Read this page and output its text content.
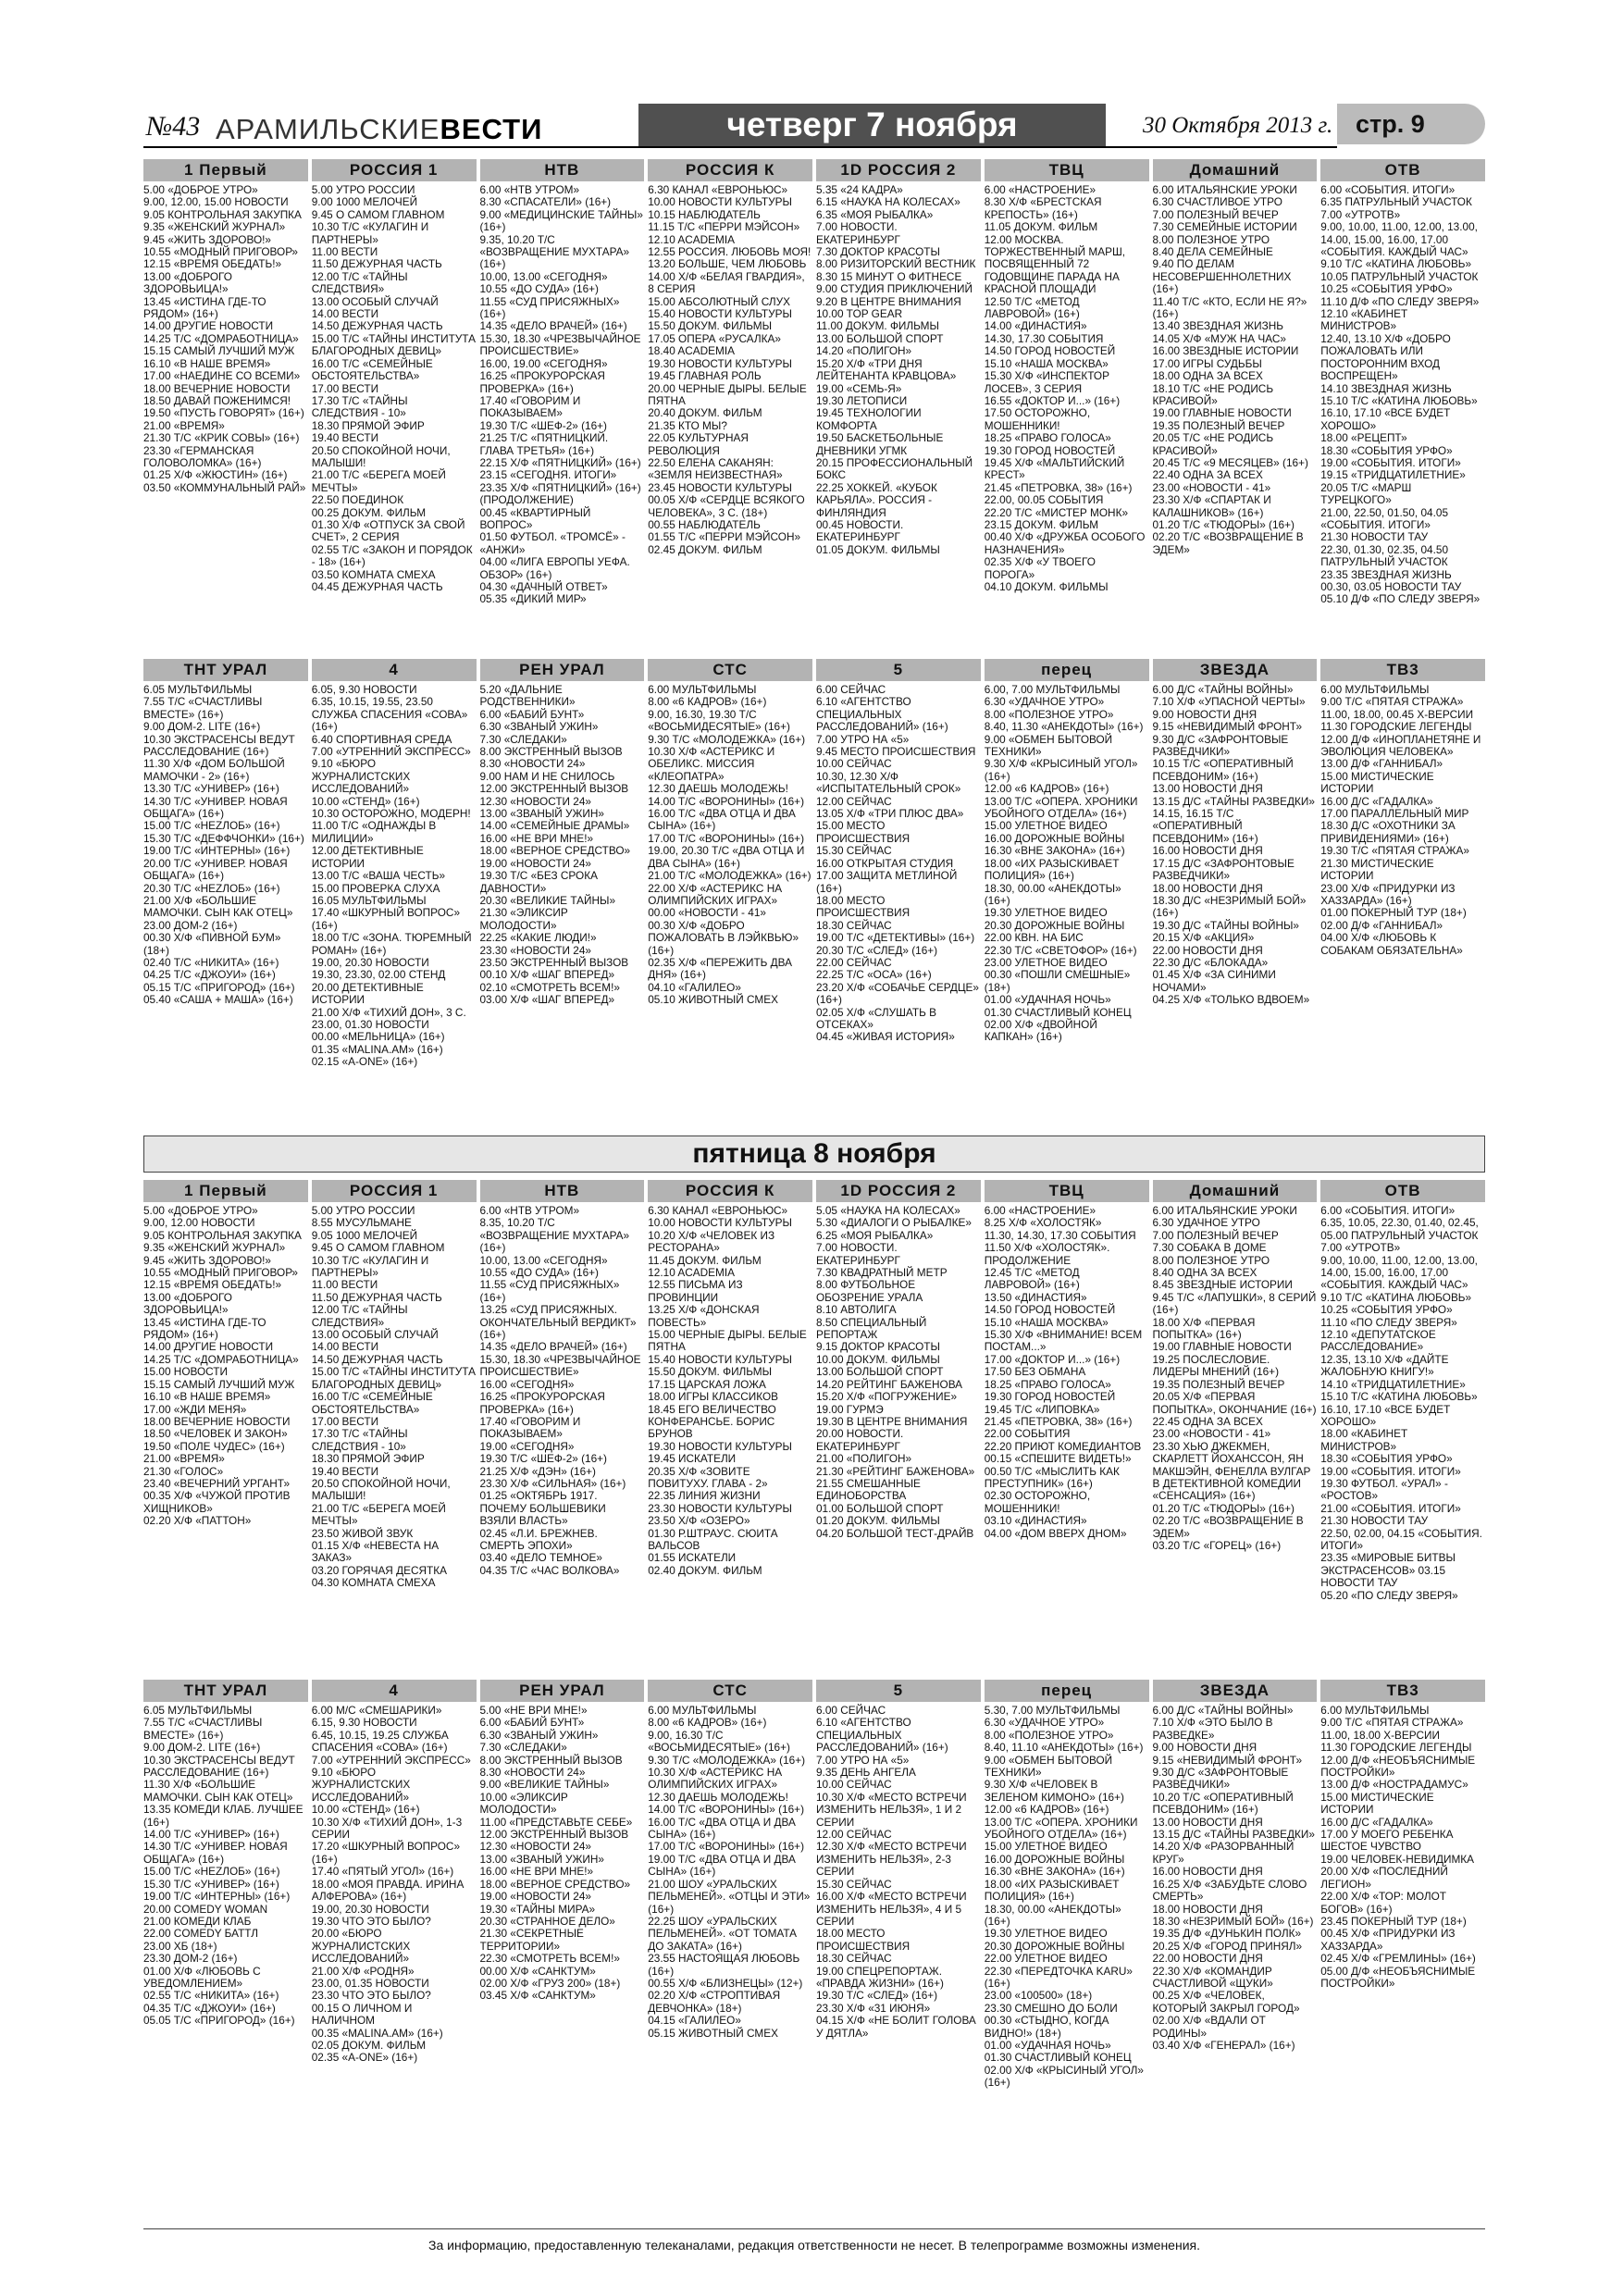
№43 АРАМИЛЬСКИЕВЕСТИ	четверг 7 ноября	30 Октября 2013 г. стр. 9
1 Первый

5.00 «ДОБРОЕ УТРО»

9.00, 12.00, 15.00 НОВОСТИ

9.05 КОНТРОЛЬНАЯ ЗАКУПКА

9.35 «ЖЕНСКИЙ ЖУРНАЛ»

9.45 «ЖИТЬ ЗДОРОВО!»

10.55 «МОДНЫЙ ПРИГОВОР»

12.15 «ВРЕМЯ ОБЕДАТЬ!»

13.00 «ДОБРОГО ЗДОРОВЬИЦА!»

13.45 «ИСТИНА ГДЕ-ТО РЯДОМ» (16+)

14.00 ДРУГИЕ НОВОСТИ

14.25 Т/С «ДОМРАБОТНИЦА»

15.15 САМЫЙ ЛУЧШИЙ МУЖ

16.10 «В НАШЕ ВРЕМЯ»

17.00 «НАЕДИНЕ СО ВСЕМИ»

18.00 ВЕЧЕРНИЕ НОВОСТИ

18.50 ДАВАЙ ПОЖЕНИМСЯ!

19.50 «ПУСТЬ ГОВОРЯТ» (16+)

21.00 «ВРЕМЯ»

21.30 Т/С «КРИК СОВЫ» (16+)

23.30 «ГЕРМАНСКАЯ ГОЛОВОЛОМКА» (16+)

01.25 Х/Ф «ЖЮСТИН» (16+)

03.50 «КОММУНАЛЬНЫЙ РАЙ»

РОССИЯ 1

5.00 УТРО РОССИИ

9.00 1000 МЕЛОЧЕЙ

9.45 О САМОМ ГЛАВНОМ

10.30 Т/С «КУЛАГИН И ПАРТНЕРЫ»

11.00 ВЕСТИ

11.50 ДЕЖУРНАЯ ЧАСТЬ

12.00 Т/С «ТАЙНЫ СЛЕДСТВИЯ»

13.00 ОСОБЫЙ СЛУЧАЙ

14.00 ВЕСТИ

14.50 ДЕЖУРНАЯ ЧАСТЬ

15.00 Т/С «ТАЙНЫ ИНСТИТУТА БЛАГОРОДНЫХ ДЕВИЦ»

16.00 Т/С «СЕМЕЙНЫЕ ОБСТОЯТЕЛЬСТВА»

17.00 ВЕСТИ

17.30 Т/С «ТАЙНЫ СЛЕДСТВИЯ - 10»

18.30 ПРЯМОЙ ЭФИР

19.40 ВЕСТИ

20.50 СПОКОЙНОЙ НОЧИ, МАЛЫШИ!

21.00 Т/С «БЕРЕГА МОЕЙ МЕЧТЫ»

22.50 ПОЕДИНОК

00.25 ДОКУМ. ФИЛЬМ

01.30 Х/Ф «ОТПУСК ЗА СВОЙ СЧЕТ», 2 СЕРИЯ

02.55 Т/С «ЗАКОН И ПОРЯДОК - 18» (16+)

03.50 КОМНАТА СМЕХА

04.45 ДЕЖУРНАЯ ЧАСТЬ

НТВ

6.00 «НТВ УТРОМ»

8.30 «СПАСАТЕЛИ» (16+)

9.00 «МЕДИЦИНСКИЕ ТАЙНЫ» (16+)

9.35, 10.20 Т/С «ВОЗВРАЩЕНИЕ МУХТАРА» (16+)

10.00, 13.00 «СЕГОДНЯ»

10.55 «ДО СУДА» (16+)

11.55 «СУД ПРИСЯЖНЫХ» (16+)

14.35 «ДЕЛО ВРАЧЕЙ» (16+)

15.30, 18.30 «ЧРЕЗВЫЧАЙНОЕ ПРОИСШЕСТВИЕ»

16.00, 19.00 «СЕГОДНЯ»

16.25 «ПРОКУРОРСКАЯ ПРОВЕРКА» (16+)

17.40 «ГОВОРИМ И ПОКАЗЫВАЕМ»

19.30 Т/С «ШЕФ-2» (16+)

21.25 Т/С «ПЯТНИЦКИЙ. ГЛАВА ТРЕТЬЯ» (16+)

22.15 Х/Ф «ПЯТНИЦКИЙ» (16+)

23.15 «СЕГОДНЯ. ИТОГИ»

23.35 Х/Ф «ПЯТНИЦКИЙ» (16+) (ПРОДОЛЖЕНИЕ)

00.45 «КВАРТИРНЫЙ ВОПРОС»

01.50 ФУТБОЛ. «ТРОМСЁ» - «АНЖИ»

04.00 «ЛИГА ЕВРОПЫ УЕФА. ОБЗОР» (16+)

04.30 «ДАЧНЫЙ ОТВЕТ»

05.35 «ДИКИЙ МИР»

РОССИЯ К

6.30 КАНАЛ «ЕВРОНЬЮС»

10.00 НОВОСТИ КУЛЬТУРЫ

10.15 НАБЛЮДАТЕЛЬ

11.15 Т/С «ПЕРРИ МЭЙСОН»

12.10 ACADEMIA

12.55 РОССИЯ. ЛЮБОВЬ МОЯ!

13.20 БОЛЬШЕ, ЧЕМ ЛЮБОВЬ

14.00 Х/Ф «БЕЛАЯ ГВАРДИЯ», 8 СЕРИЯ

15.00 АБСОЛЮТНЫЙ СЛУХ

15.40 НОВОСТИ КУЛЬТУРЫ

15.50 ДОКУМ. ФИЛЬМЫ

17.05 ОПЕРА «РУСАЛКА»

18.40 ACADEMIA

19.30 НОВОСТИ КУЛЬТУРЫ

19.45 ГЛАВНАЯ РОЛЬ

20.00 ЧЕРНЫЕ ДЫРЫ. БЕЛЫЕ ПЯТНА

20.40 ДОКУМ. ФИЛЬМ

21.35 КТО МЫ?

22.05 КУЛЬТУРНАЯ РЕВОЛЮЦИЯ

22.50 ЕЛЕНА САКАНЯН: «ЗЕМЛЯ НЕИЗВЕСТНАЯ»

23.45 НОВОСТИ КУЛЬТУРЫ

00.05 Х/Ф «СЕРДЦЕ ВСЯКОГО ЧЕЛОВЕКА», 3 С. (18+)

00.55 НАБЛЮДАТЕЛЬ

01.55 Т/С «ПЕРРИ МЭЙСОН»

02.45 ДОКУМ. ФИЛЬМ

1D РОССИЯ 2

5.35 «24 КАДРА»

6.15 «НАУКА НА КОЛЕСАХ»

6.35 «МОЯ РЫБАЛКА»

7.00 НОВОСТИ. ЕКАТЕРИНБУРГ

7.30 ДОКТОР КРАСОТЫ

8.00 РИЗИТОРСКИЙ ВЕСТНИК

8.30 15 МИНУТ О ФИТНЕСЕ

9.00 СТУДИЯ ПРИКЛЮЧЕНИЙ

9.20 В ЦЕНТРЕ ВНИМАНИЯ

10.00 TOP GEAR

11.00 ДОКУМ. ФИЛЬМЫ

13.00 БОЛЬШОЙ СПОРТ

14.20 «ПОЛИГОН»

15.20 Х/Ф «ТРИ ДНЯ ЛЕЙТЕНАНТА КРАВЦОВА»

19.00 «СЕМЬ-Я»

19.30 ЛЕТОПИСИ

19.45 ТЕХНОЛОГИИ КОМФОРТА

19.50 БАСКЕТБОЛЬНЫЕ ДНЕВНИКИ УГМК

20.15 ПРОФЕССИОНАЛЬНЫЙ БОКС

22.25 ХОККЕЙ. «КУБОК КАРЬЯЛА». РОССИЯ - ФИНЛЯНДИЯ

00.45 НОВОСТИ. ЕКАТЕРИНБУРГ

01.05 ДОКУМ. ФИЛЬМЫ

ТВЦ

6.00 «НАСТРОЕНИЕ»

8.30 Х/Ф «БРЕСТСКАЯ КРЕПОСТЬ» (16+)

11.05 ДОКУМ. ФИЛЬМ

12.00 МОСКВА. ТОРЖЕСТВЕННЫЙ МАРШ, ПОСВЯЩЕННЫЙ 72 ГОДОВЩИНЕ ПАРАДА НА КРАСНОЙ ПЛОЩАДИ

12.50 Т/С «МЕТОД ЛАВРОВОЙ» (16+)

14.00 «ДИНАСТИЯ»

14.30, 17.30 СОБЫТИЯ

14.50 ГОРОД НОВОСТЕЙ

15.10 «НАША МОСКВА»

15.30 Х/Ф «ИНСПЕКТОР ЛОСЕВ», 3 СЕРИЯ

16.55 «ДОКТОР И...» (16+)

17.50 ОСТОРОЖНО, МОШЕННИКИ!

18.25 «ПРАВО ГОЛОСА»

19.30 ГОРОД НОВОСТЕЙ

19.45 Х/Ф «МАЛЬТИЙСКИЙ КРЕСТ»

21.45 «ПЕТРОВКА, 38» (16+)

22.00, 00.05 СОБЫТИЯ

22.20 Т/С «МИСТЕР МОНК»

23.15 ДОКУМ. ФИЛЬМ

00.40 Х/Ф «ДРУЖБА ОСОБОГО НАЗНАЧЕНИЯ»

02.35 Х/Ф «У ТВОЕГО ПОРОГА»

04.10 ДОКУМ. ФИЛЬМЫ

Домашний

6.00 ИТАЛЬЯНСКИЕ УРОКИ

6.30 СЧАСТЛИВОЕ УТРО

7.00 ПОЛЕЗНЫЙ ВЕЧЕР

7.30 СЕМЕЙНЫЕ ИСТОРИИ

8.00 ПОЛЕЗНОЕ УТРО

8.40 ДЕЛА СЕМЕЙНЫЕ

9.40 ПО ДЕЛАМ НЕСОВЕРШЕННОЛЕТНИХ (16+)

11.40 Т/С «КТО, ЕСЛИ НЕ Я?» (16+)

13.40 ЗВЕЗДНАЯ ЖИЗНЬ

14.05 Х/Ф «МУЖ НА ЧАС»

16.00 ЗВЕЗДНЫЕ ИСТОРИИ

17.00 ИГРЫ СУДЬБЫ

18.00 ОДНА ЗА ВСЕХ

18.10 Т/С «НЕ РОДИСЬ КРАСИВОЙ»

19.00 ГЛАВНЫЕ НОВОСТИ

19.35 ПОЛЕЗНЫЙ ВЕЧЕР

20.05 Т/С «НЕ РОДИСЬ КРАСИВОЙ»

20.45 Т/С «9 МЕСЯЦЕВ» (16+)

22.40 ОДНА ЗА ВСЕХ

23.00 «НОВОСТИ - 41»

23.30 Х/Ф «СПАРТАК И КАЛАШНИКОВ» (16+)

01.20 Т/С «ТЮДОРЫ» (16+)

02.20 Т/С «ВОЗВРАЩЕНИЕ В ЭДЕМ»

ОТВ

6.00 «СОБЫТИЯ. ИТОГИ»

6.35 ПАТРУЛЬНЫЙ УЧАСТОК

7.00 «УТРОТВ»

9.00, 10.00, 11.00, 12.00, 13.00, 14.00, 15.00, 16.00, 17.00 «СОБЫТИЯ. КАЖДЫЙ ЧАС»

9.10 Т/С «КАТИНА ЛЮБОВЬ»

10.05 ПАТРУЛЬНЫЙ УЧАСТОК

10.25 «СОБЫТИЯ УРФО»

11.10 Д/Ф «ПО СЛЕДУ ЗВЕРЯ»

12.10 «КАБИНЕТ МИНИСТРОВ»

12.40, 13.10 Х/Ф «ДОБРО ПОЖАЛОВАТЬ ИЛИ ПОСТОРОННИМ ВХОД ВОСПРЕЩЕН»

14.10 ЗВЕЗДНАЯ ЖИЗНЬ

15.10 Т/С «КАТИНА ЛЮБОВЬ»

16.10, 17.10 «ВСЕ БУДЕТ ХОРОШО»

18.00 «РЕЦЕПТ»

18.30 «СОБЫТИЯ УРФО»

19.00 «СОБЫТИЯ. ИТОГИ»

19.15 «ТРИДЦАТИЛЕТНИЕ»

20.05 Т/С «МАРШ ТУРЕЦКОГО»

21.00, 22.50, 01.50, 04.05 «СОБЫТИЯ. ИТОГИ»

21.30 НОВОСТИ ТАУ

22.30, 01.30, 02.35, 04.50 ПАТРУЛЬНЫЙ УЧАСТОК

23.35 ЗВЕЗДНАЯ ЖИЗНЬ

00.30, 03.05 НОВОСТИ ТАУ

05.10 Д/Ф «ПО СЛЕДУ ЗВЕРЯ»

ТНТ УРАЛ

6.05 МУЛЬТФИЛЬМЫ

7.55 Т/С «СЧАСТЛИВЫ ВМЕСТЕ» (16+)

9.00 ДОМ-2. LITE (16+)

10.30 ЭКСТРАСЕНСЫ ВЕДУТ РАССЛЕДОВАНИЕ (16+)

11.30 Х/Ф «ДОМ БОЛЬШОЙ МАМОЧКИ - 2» (16+)

13.30 Т/С «УНИВЕР» (16+)

14.30 Т/С «УНИВЕР. НОВАЯ ОБЩАГА» (16+)

15.00 Т/С «НЕZЛОБ» (16+)

15.30 Т/С «ДЕФФЧОНКИ» (16+)

19.00 Т/С «ИНТЕРНЫ» (16+)

20.00 Т/С «УНИВЕР. НОВАЯ ОБЩАГА» (16+)

20.30 Т/С «НЕZЛОБ» (16+)

21.00 Х/Ф «БОЛЬШИЕ МАМОЧКИ. СЫН КАК ОТЕЦ»

23.00 ДОМ-2 (16+)

00.30 Х/Ф «ПИВНОЙ БУМ» (18+)

02.40 Т/С «НИКИТА» (16+)

04.25 Т/С «ДЖОУИ» (16+)

05.15 Т/С «ПРИГОРОД» (16+)

05.40 «САША + МАША» (16+)

4

6.05, 9.30 НОВОСТИ

6.35, 10.15, 19.55, 23.50 СЛУЖБА СПАСЕНИЯ «СОВА» (16+)

6.40 СПОРТИВНАЯ СРЕДА

7.00 «УТРЕННИЙ ЭКСПРЕСС»

9.10 «БЮРО ЖУРНАЛИСТСКИХ ИССЛЕДОВАНИЙ»

10.00 «СТЕНД» (16+)

10.30 ОСТОРОЖНО, МОДЕРН!

11.00 Т/С «ОДНАЖДЫ В МИЛИЦИИ»

12.00 ДЕТЕКТИВНЫЕ ИСТОРИИ

13.00 Т/С «ВАША ЧЕСТЬ»

15.00 ПРОВЕРКА СЛУХА

16.05 МУЛЬТФИЛЬМЫ

17.40 «ШКУРНЫЙ ВОПРОС» (16+)

18.00 Т/С «ЗОНА. ТЮРЕМНЫЙ РОМАН» (16+)

19.00, 20.30 НОВОСТИ

19.30, 23.30, 02.00 СТЕНД

20.00 ДЕТЕКТИВНЫЕ ИСТОРИИ

21.00 Х/Ф «ТИХИЙ ДОН», 3 С.

23.00, 01.30 НОВОСТИ

00.00 «МЕЛЬНИЦА» (16+)

01.35 «MALINA.AM» (16+)

02.15 «A-ONE» (16+)

РЕН УРАЛ

5.20 «ДАЛЬНИЕ РОДСТВЕННИКИ»

6.00 «БАБИЙ БУНТ»

6.30 «ЗВАНЫЙ УЖИН»

7.30 «СЛЕДАКИ»

8.00 ЭКСТРЕННЫЙ ВЫЗОВ

8.30 «НОВОСТИ 24»

9.00 НАМ И НЕ СНИЛОСЬ

12.00 ЭКСТРЕННЫЙ ВЫЗОВ

12.30 «НОВОСТИ 24»

13.00 «ЗВАНЫЙ УЖИН»

14.00 «СЕМЕЙНЫЕ ДРАМЫ»

16.00 «НЕ ВРИ МНЕ!»

18.00 «ВЕРНОЕ СРЕДСТВО»

19.00 «НОВОСТИ 24»

19.30 Т/С «БЕЗ СРОКА ДАВНОСТИ»

20.30 «ВЕЛИКИЕ ТАЙНЫ»

21.30 «ЭЛИКСИР МОЛОДОСТИ»

22.25 «КАКИЕ ЛЮДИ!»

23.30 «НОВОСТИ 24»

23.50 ЭКСТРЕННЫЙ ВЫЗОВ

00.10 Х/Ф «ШАГ ВПЕРЕД»

02.10 «СМОТРЕТЬ ВСЕМ!»

03.00 Х/Ф «ШАГ ВПЕРЕД»

СТС

6.00 МУЛЬТФИЛЬМЫ

8.00 «6 КАДРОВ» (16+)

9.00, 16.30, 19.30 Т/С «ВОСЬМИДЕСЯТЫЕ» (16+)

9.30 Т/С «МОЛОДЕЖКА» (16+)

10.30 Х/Ф «АСТЕРИКС И ОБЕЛИКС. МИССИЯ «КЛЕОПАТРА»

12.30 ДАЕШЬ МОЛОДЕЖЬ!

14.00 Т/С «ВОРОНИНЫ» (16+)

16.00 Т/С «ДВА ОТЦА И ДВА СЫНА» (16+)

17.00 Т/С «ВОРОНИНЫ» (16+)

19.00, 20.30 Т/С «ДВА ОТЦА И ДВА СЫНА» (16+)

21.00 Т/С «МОЛОДЕЖКА» (16+)

22.00 Х/Ф «АСТЕРИКС НА ОЛИМПИЙСКИХ ИГРАХ»

00.00 «НОВОСТИ - 41»

00.30 Х/Ф «ДОБРО ПОЖАЛОВАТЬ В ЛЭЙКВЬЮ» (16+)

02.35 Х/Ф «ПЕРЕЖИТЬ ДВА ДНЯ» (16+)

04.10 «ГАЛИЛЕО»

05.10 ЖИВОТНЫЙ СМЕХ

5

6.00 СЕЙЧАС

6.10 «АГЕНТСТВО СПЕЦИАЛЬНЫХ РАССЛЕДОВАНИЙ» (16+)

7.00 УТРО НА «5»

9.45 МЕСТО ПРОИСШЕСТВИЯ

10.00 СЕЙЧАС

10.30, 12.30 Х/Ф «ИСПЫТАТЕЛЬНЫЙ СРОК»

12.00 СЕЙЧАС

13.05 Х/Ф «ТРИ ПЛЮС ДВА»

15.00 МЕСТО ПРОИСШЕСТВИЯ

15.30 СЕЙЧАС

16.00 ОТКРЫТАЯ СТУДИЯ

17.00 ЗАЩИТА МЕТЛИНОЙ (16+)

18.00 МЕСТО ПРОИСШЕСТВИЯ

18.30 СЕЙЧАС

19.00 Т/С «ДЕТЕКТИВЫ» (16+)

20.30 Т/С «СЛЕД» (16+)

22.00 СЕЙЧАС

22.25 Т/С «ОСА» (16+)

23.20 Х/Ф «СОБАЧЬЕ СЕРДЦЕ» (16+)

02.05 Х/Ф «СЛУШАТЬ В ОТСЕКАХ»

04.45 «ЖИВАЯ ИСТОРИЯ»

перец

6.00, 7.00 МУЛЬТФИЛЬМЫ

6.30 «УДАЧНОЕ УТРО»

8.00 «ПОЛЕЗНОЕ УТРО»

8.40, 11.30 «АНЕКДОТЫ» (16+)

9.00 «ОБМЕН БЫТОВОЙ ТЕХНИКИ»

9.30 Х/Ф «КРЫСИНЫЙ УГОЛ» (16+)

12.00 «6 КАДРОВ» (16+)

13.00 Т/С «ОПЕРА. ХРОНИКИ УБОЙНОГО ОТДЕЛА» (16+)

15.00 УЛЕТНОЕ ВИДЕО

16.00 ДОРОЖНЫЕ ВОЙНЫ

16.30 «ВНЕ ЗАКОНА» (16+)

18.00 «ИХ РАЗЫСКИВАЕТ ПОЛИЦИЯ» (16+)

18.30, 00.00 «АНЕКДОТЫ» (16+)

19.30 УЛЕТНОЕ ВИДЕО

20.30 ДОРОЖНЫЕ ВОЙНЫ

22.00 КВН. НА БИС

22.30 Т/С «СВЕТОФОР» (16+)

23.00 УЛЕТНОЕ ВИДЕО

00.30 «ПОШЛИ СМЕШНЫЕ» (18+)

01.00 «УДАЧНАЯ НОЧЬ»

01.30 СЧАСТЛИВЫЙ КОНЕЦ

02.00 Х/Ф «ДВОЙНОЙ КАПКАН» (16+)

ЗВЕЗДА

6.00 Д/С «ТАЙНЫ ВОЙНЫ»

7.10 Х/Ф «УПАСНОЙ ЧЕРТЫ»

9.00 НОВОСТИ ДНЯ

9.15 «НЕВИДИМЫЙ ФРОНТ»

9.30 Д/С «ЗАФРОНТОВЫЕ РАЗВЕДЧИКИ»

10.15 Т/С «ОПЕРАТИВНЫЙ ПСЕВДОНИМ» (16+)

13.00 НОВОСТИ ДНЯ

13.15 Д/С «ТАЙНЫ РАЗВЕДКИ»

14.15, 16.15 Т/С «ОПЕРАТИВНЫЙ ПСЕВДОНИМ» (16+)

16.00 НОВОСТИ ДНЯ

17.15 Д/С «ЗАФРОНТОВЫЕ РАЗВЕДЧИКИ»

18.00 НОВОСТИ ДНЯ

18.30 Д/С «НЕЗРИМЫЙ БОЙ» (16+)

19.30 Д/С «ТАЙНЫ ВОЙНЫ»

20.15 Х/Ф «АКЦИЯ»

22.00 НОВОСТИ ДНЯ

22.30 Д/С «БЛОКАДА»

01.45 Х/Ф «ЗА СИНИМИ НОЧАМИ»

04.25 Х/Ф «ТОЛЬКО ВДВОЕМ»

ТВ3

6.00 МУЛЬТФИЛЬМЫ

9.00 Т/С «ПЯТАЯ СТРАЖА»

11.00, 18.00, 00.45 Х-ВЕРСИИ

11.30 ГОРОДСКИЕ ЛЕГЕНДЫ

12.00 Д/Ф «ИНОПЛАНЕТЯНЕ И ЭВОЛЮЦИЯ ЧЕЛОВЕКА»

13.00 Д/Ф «ГАННИБАЛ»

15.00 МИСТИЧЕСКИЕ ИСТОРИИ

16.00 Д/С «ГАДАЛКА»

17.00 ПАРАЛЛЕЛЬНЫЙ МИР

18.30 Д/С «ОХОТНИКИ ЗА ПРИВИДЕНИЯМИ» (16+)

19.30 Т/С «ПЯТАЯ СТРАЖА»

21.30 МИСТИЧЕСКИЕ ИСТОРИИ

23.00 Х/Ф «ПРИДУРКИ ИЗ ХАЗЗАРДА» (16+)

01.00 ПОКЕРНЫЙ ТУР (18+)

02.00 Д/Ф «ГАННИБАЛ»

04.00 Х/Ф «ЛЮБОВЬ К СОБАКАМ ОБЯЗАТЕЛЬНА»

пятница 8 ноября
1 Первый

5.00 «ДОБРОЕ УТРО»

9.00, 12.00 НОВОСТИ

9.05 КОНТРОЛЬНАЯ ЗАКУПКА

9.35 «ЖЕНСКИЙ ЖУРНАЛ»

9.45 «ЖИТЬ ЗДОРОВО!»

10.55 «МОДНЫЙ ПРИГОВОР»

12.15 «ВРЕМЯ ОБЕДАТЬ!»

13.00 «ДОБРОГО ЗДОРОВЬИЦА!»

13.45 «ИСТИНА ГДЕ-ТО РЯДОМ» (16+)

14.00 ДРУГИЕ НОВОСТИ

14.25 Т/С «ДОМРАБОТНИЦА»

15.00 НОВОСТИ

15.15 САМЫЙ ЛУЧШИЙ МУЖ

16.10 «В НАШЕ ВРЕМЯ»

17.00 «ЖДИ МЕНЯ»

18.00 ВЕЧЕРНИЕ НОВОСТИ

18.50 «ЧЕЛОВЕК И ЗАКОН»

19.50 «ПОЛЕ ЧУДЕС» (16+)

21.00 «ВРЕМЯ»

21.30 «ГОЛОС»

23.40 «ВЕЧЕРНИЙ УРГАНТ»

00.35 Х/Ф «ЧУЖОЙ ПРОТИВ ХИЩНИКОВ»

02.20 Х/Ф «ПАТТОН»

РОССИЯ 1

5.00 УТРО РОССИИ

8.55 МУСУЛЬМАНЕ

9.05 1000 МЕЛОЧЕЙ

9.45 О САМОМ ГЛАВНОМ

10.30 Т/С «КУЛАГИН И ПАРТНЕРЫ»

11.00 ВЕСТИ

11.50 ДЕЖУРНАЯ ЧАСТЬ

12.00 Т/С «ТАЙНЫ СЛЕДСТВИЯ»

13.00 ОСОБЫЙ СЛУЧАЙ

14.00 ВЕСТИ

14.50 ДЕЖУРНАЯ ЧАСТЬ

15.00 Т/С «ТАЙНЫ ИНСТИТУТА БЛАГОРОДНЫХ ДЕВИЦ»

16.00 Т/С «СЕМЕЙНЫЕ ОБСТОЯТЕЛЬСТВА»

17.00 ВЕСТИ

17.30 Т/С «ТАЙНЫ СЛЕДСТВИЯ - 10»

18.30 ПРЯМОЙ ЭФИР

19.40 ВЕСТИ

20.50 СПОКОЙНОЙ НОЧИ, МАЛЫШИ!

21.00 Т/С «БЕРЕГА МОЕЙ МЕЧТЫ»

23.50 ЖИВОЙ ЗВУК

01.15 Х/Ф «НЕВЕСТА НА ЗАКАЗ»

03.20 ГОРЯЧАЯ ДЕСЯТКА

04.30 КОМНАТА СМЕХА

НТВ

6.00 «НТВ УТРОМ»

8.35, 10.20 Т/С «ВОЗВРАЩЕНИЕ МУХТАРА» (16+)

10.00, 13.00 «СЕГОДНЯ»

10.55 «ДО СУДА» (16+)

11.55 «СУД ПРИСЯЖНЫХ» (16+)

13.25 «СУД ПРИСЯЖНЫХ. ОКОНЧАТЕЛЬНЫЙ ВЕРДИКТ» (16+)

14.35 «ДЕЛО ВРАЧЕЙ» (16+)

15.30, 18.30 «ЧРЕЗВЫЧАЙНОЕ ПРОИСШЕСТВИЕ»

16.00 «СЕГОДНЯ»

16.25 «ПРОКУРОРСКАЯ ПРОВЕРКА» (16+)

17.40 «ГОВОРИМ И ПОКАЗЫВАЕМ»

19.00 «СЕГОДНЯ»

19.30 Т/С «ШЕФ-2» (16+)

21.25 Х/Ф «ДЭН» (16+)

23.30 Х/Ф «СИЛЬНАЯ» (16+)

01.25 «ОКТЯБРЬ 1917. ПОЧЕМУ БОЛЬШЕВИКИ ВЗЯЛИ ВЛАСТЬ»

02.45 «Л.И. БРЕЖНЕВ. СМЕРТЬ ЭПОХИ»

03.40 «ДЕЛО ТЕМНОЕ»

04.35 Т/С «ЧАС ВОЛКОВА»

РОССИЯ К

6.30 КАНАЛ «ЕВРОНЬЮС»

10.00 НОВОСТИ КУЛЬТУРЫ

10.20 Х/Ф «ЧЕЛОВЕК ИЗ РЕСТОРАНА»

11.45 ДОКУМ. ФИЛЬМ

12.10 ACADEMIA

12.55 ПИСЬМА ИЗ ПРОВИНЦИИ

13.25 Х/Ф «ДОНСКАЯ ПОВЕСТЬ»

15.00 ЧЕРНЫЕ ДЫРЫ. БЕЛЫЕ ПЯТНА

15.40 НОВОСТИ КУЛЬТУРЫ

15.50 ДОКУМ. ФИЛЬМЫ

17.15 ЦАРСКАЯ ЛОЖА

18.00 ИГРЫ КЛАССИКОВ

18.45 ЕГО ВЕЛИЧЕСТВО КОНФЕРАНСЬЕ. БОРИС БРУНОВ

19.30 НОВОСТИ КУЛЬТУРЫ

19.45 ИСКАТЕЛИ

20.35 Х/Ф «ЗОВИТЕ ПОВИТУХУ. ГЛАВА - 2»

22.35 ЛИНИЯ ЖИЗНИ

23.30 НОВОСТИ КУЛЬТУРЫ

23.50 Х/Ф «ОЗЕРО»

01.30 Р.ШТРАУС. СЮИТА ВАЛЬСОВ

01.55 ИСКАТЕЛИ

02.40 ДОКУМ. ФИЛЬМ

1D РОССИЯ 2

5.05 «НАУКА НА КОЛЕСАХ»

5.30 «ДИАЛОГИ О РЫБАЛКЕ»

6.25 «МОЯ РЫБАЛКА»

7.00 НОВОСТИ. ЕКАТЕРИНБУРГ

7.30 КВАДРАТНЫЙ МЕТР

8.00 ФУТБОЛЬНОЕ ОБОЗРЕНИЕ УРАЛА

8.10 АВТОЛИГА

8.50 СПЕЦИАЛЬНЫЙ РЕПОРТАЖ

9.15 ДОКТОР КРАСОТЫ

10.00 ДОКУМ. ФИЛЬМЫ

13.00 БОЛЬШОЙ СПОРТ

14.20 РЕЙТИНГ БАЖЕНОВА

15.20 Х/Ф «ПОГРУЖЕНИЕ»

19.00 ГУРМЭ

19.30 В ЦЕНТРЕ ВНИМАНИЯ

20.00 НОВОСТИ. ЕКАТЕРИНБУРГ

21.00 «ПОЛИГОН»

21.30 «РЕЙТИНГ БАЖЕНОВА»

21.55 СМЕШАННЫЕ ЕДИНОБОРСТВА

01.00 БОЛЬШОЙ СПОРТ

01.20 ДОКУМ. ФИЛЬМЫ

04.20 БОЛЬШОЙ ТЕСТ-ДРАЙВ

ТВЦ

6.00 «НАСТРОЕНИЕ»

8.25 Х/Ф «ХОЛОСТЯК»

11.30, 14.30, 17.30 СОБЫТИЯ

11.50 Х/Ф «ХОЛОСТЯК». ПРОДОЛЖЕНИЕ

12.45 Т/С «МЕТОД ЛАВРОВОЙ» (16+)

13.50 «ДИНАСТИЯ»

14.50 ГОРОД НОВОСТЕЙ

15.10 «НАША МОСКВА»

15.30 Х/Ф «ВНИМАНИЕ! ВСЕМ ПОСТАМ...»

17.00 «ДОКТОР И...» (16+)

17.50 БЕЗ ОБМАНА

18.25 «ПРАВО ГОЛОСА»

19.30 ГОРОД НОВОСТЕЙ

19.45 Т/С «ЛИПОВКА»

21.45 «ПЕТРОВКА, 38» (16+)

22.00 СОБЫТИЯ

22.20 ПРИЮТ КОМЕДИАНТОВ

00.15 «СПЕШИТЕ ВИДЕТЬ!»

00.50 Т/С «МЫСЛИТЬ КАК ПРЕСТУПНИК» (16+)

02.30 ОСТОРОЖНО, МОШЕННИКИ!

03.10 «ДИНАСТИЯ»

04.00 «ДОМ ВВЕРХ ДНОМ»

Домашний

6.00 ИТАЛЬЯНСКИЕ УРОКИ

6.30 УДАЧНОЕ УТРО

7.00 ПОЛЕЗНЫЙ ВЕЧЕР

7.30 СОБАКА В ДОМЕ

8.00 ПОЛЕЗНОЕ УТРО

8.40 ОДНА ЗА ВСЕХ

8.45 ЗВЕЗДНЫЕ ИСТОРИИ

9.45 Т/С «ЛАПУШКИ», 8 СЕРИЙ (16+)

18.00 Х/Ф «ПЕРВАЯ ПОПЫТКА» (16+)

19.00 ГЛАВНЫЕ НОВОСТИ

19.25 ПОСЛЕСЛОВИЕ. ЛИДЕРЫ МНЕНИЙ (16+)

19.35 ПОЛЕЗНЫЙ ВЕЧЕР

20.05 Х/Ф «ПЕРВАЯ ПОПЫТКА», ОКОНЧАНИЕ (16+)

22.45 ОДНА ЗА ВСЕХ

23.00 «НОВОСТИ - 41»

23.30 ХЬЮ ДЖЕКМЕН, СКАРЛЕТТ ЙОХАНССОН, ЯН МАКШЭЙН, ФЕНЕЛЛА ВУЛГАР В ДЕТЕКТИВНОЙ КОМЕДИИ «СЕНСАЦИЯ» (16+)

01.20 Т/С «ТЮДОРЫ» (16+)

02.20 Т/С «ВОЗВРАЩЕНИЕ В ЭДЕМ»

03.20 Т/С «ГОРЕЦ» (16+)

ОТВ

6.00 «СОБЫТИЯ. ИТОГИ»

6.35, 10.05, 22.30, 01.40, 02.45, 05.00 ПАТРУЛЬНЫЙ УЧАСТОК

7.00 «УТРОТВ»

9.00, 10.00, 11.00, 12.00, 13.00, 14.00, 15.00, 16.00, 17.00 «СОБЫТИЯ. КАЖДЫЙ ЧАС»

9.10 Т/С «КАТИНА ЛЮБОВЬ»

10.25 «СОБЫТИЯ УРФО»

11.10 «ПО СЛЕДУ ЗВЕРЯ»

12.10 «ДЕПУТАТСКОЕ РАССЛЕДОВАНИЕ»

12.35, 13.10 Х/Ф «ДАЙТЕ ЖАЛОБНУЮ КНИГУ!»

14.10 «ТРИДЦАТИЛЕТНИЕ»

15.10 Т/С «КАТИНА ЛЮБОВЬ»

16.10, 17.10 «ВСЕ БУДЕТ ХОРОШО»

18.00 «КАБИНЕТ МИНИСТРОВ»

18.30 «СОБЫТИЯ УРФО»

19.00 «СОБЫТИЯ. ИТОГИ»

19.30 ФУТБОЛ. «УРАЛ» - «РОСТОВ»

21.00 «СОБЫТИЯ. ИТОГИ»

21.30 НОВОСТИ ТАУ

22.50, 02.00, 04.15 «СОБЫТИЯ. ИТОГИ»

23.35 «МИРОВЫЕ БИТВЫ ЭКСТРАСЕНСОВ» 03.15 НОВОСТИ ТАУ

05.20 «ПО СЛЕДУ ЗВЕРЯ»

ТНТ УРАЛ

6.05 МУЛЬТФИЛЬМЫ

7.55 Т/С «СЧАСТЛИВЫ ВМЕСТЕ» (16+)

9.00 ДОМ-2. LITE (16+)

10.30 ЭКСТРАСЕНСЫ ВЕДУТ РАССЛЕДОВАНИЕ (16+)

11.30 Х/Ф «БОЛЬШИЕ МАМОЧКИ. СЫН КАК ОТЕЦ»

13.35 КОМЕДИ КЛАБ. ЛУЧШЕЕ (16+)

14.00 Т/С «УНИВЕР» (16+)

14.30 Т/С «УНИВЕР. НОВАЯ ОБЩАГА» (16+)

15.00 Т/С «НЕZЛОБ» (16+)

15.30 Т/С «УНИВЕР» (16+)

19.00 Т/С «ИНТЕРНЫ» (16+)

20.00 COMEDY WOMAN

21.00 КОМЕДИ КЛАБ

22.00 COMEDY БАТТЛ

23.00 ХБ (18+)

23.30 ДОМ-2 (16+)

01.00 Х/Ф «ЛЮБОВЬ С УВЕДОМЛЕНИЕМ»

02.55 Т/С «НИКИТА» (16+)

04.35 Т/С «ДЖОУИ» (16+)

05.05 Т/С «ПРИГОРОД» (16+)

4

6.00 М/С «СМЕШАРИКИ»

6.15, 9.30 НОВОСТИ

6.45, 10.15, 19.25 СЛУЖБА СПАСЕНИЯ «СОВА» (16+)

7.00 «УТРЕННИЙ ЭКСПРЕСС»

9.10 «БЮРО ЖУРНАЛИСТСКИХ ИССЛЕДОВАНИЙ»

10.00 «СТЕНД» (16+)

10.30 Х/Ф «ТИХИЙ ДОН», 1-3 СЕРИИ

17.20 «ШКУРНЫЙ ВОПРОС» (16+)

17.40 «ПЯТЫЙ УГОЛ» (16+)

18.00 «МОЯ ПРАВДА. ИРИНА АЛФЕРОВА» (16+)

19.00, 20.30 НОВОСТИ

19.30 ЧТО ЭТО БЫЛО?

20.00 «БЮРО ЖУРНАЛИСТСКИХ ИССЛЕДОВАНИЙ»

21.00 Х/Ф «РОДНЯ»

23.00, 01.35 НОВОСТИ

23.30 ЧТО ЭТО БЫЛО?

00.15 О ЛИЧНОМ И НАЛИЧНОМ

00.35 «MALINA.AM» (16+)

02.05 ДОКУМ. ФИЛЬМ

02.35 «A-ONE» (16+)

РЕН УРАЛ

5.00 «НЕ ВРИ МНЕ!»

6.00 «БАБИЙ БУНТ»

6.30 «ЗВАНЫЙ УЖИН»

7.30 «СЛЕДАКИ»

8.00 ЭКСТРЕННЫЙ ВЫЗОВ

8.30 «НОВОСТИ 24»

9.00 «ВЕЛИКИЕ ТАЙНЫ»

10.00 «ЭЛИКСИР МОЛОДОСТИ»

11.00 «ПРЕДСТАВЬТЕ СЕБЕ»

12.00 ЭКСТРЕННЫЙ ВЫЗОВ

12.30 «НОВОСТИ 24»

13.00 «ЗВАНЫЙ УЖИН»

16.00 «НЕ ВРИ МНЕ!»

18.00 «ВЕРНОЕ СРЕДСТВО»

19.00 «НОВОСТИ 24»

19.30 «ТАЙНЫ МИРА»

20.30 «СТРАННОЕ ДЕЛО»

21.30 «СЕКРЕТНЫЕ ТЕРРИТОРИИ»

22.30 «СМОТРЕТЬ ВСЕМ!»

00.00 Х/Ф «САНКТУМ»

02.00 Х/Ф «ГРУЗ 200» (18+)

03.45 Х/Ф «САНКТУМ»

СТС

6.00 МУЛЬТФИЛЬМЫ

8.00 «6 КАДРОВ» (16+)

9.00, 16.30 Т/С «ВОСЬМИДЕСЯТЫЕ» (16+)

9.30 Т/С «МОЛОДЕЖКА» (16+)

10.30 Х/Ф «АСТЕРИКС НА ОЛИМПИЙСКИХ ИГРАХ»

12.30 ДАЕШЬ МОЛОДЕЖЬ!

14.00 Т/С «ВОРОНИНЫ» (16+)

16.00 Т/С «ДВА ОТЦА И ДВА СЫНА» (16+)

17.00 Т/С «ВОРОНИНЫ» (16+)

19.00 Т/С «ДВА ОТЦА И ДВА СЫНА» (16+)

21.00 ШОУ «УРАЛЬСКИХ ПЕЛЬМЕНЕЙ». «ОТЦЫ И ЭТИ» (16+)

22.25 ШОУ «УРАЛЬСКИХ ПЕЛЬМЕНЕЙ». «ОТ ТОМАТА ДО ЗАКАТА» (16+)

23.55 НАСТОЯЩАЯ ЛЮБОВЬ (16+)

00.55 Х/Ф «БЛИЗНЕЦЫ» (12+)

02.20 Х/Ф «СТРОПТИВАЯ ДЕВЧОНКА» (18+)

04.15 «ГАЛИЛЕО»

05.15 ЖИВОТНЫЙ СМЕХ

5

6.00 СЕЙЧАС

6.10 «АГЕНТСТВО СПЕЦИАЛЬНЫХ РАССЛЕДОВАНИЙ» (16+)

7.00 УТРО НА «5»

9.35 ДЕНЬ АНГЕЛА

10.00 СЕЙЧАС

10.30 Х/Ф «МЕСТО ВСТРЕЧИ ИЗМЕНИТЬ НЕЛЬЗЯ», 1 И 2 СЕРИИ

12.00 СЕЙЧАС

12.30 Х/Ф «МЕСТО ВСТРЕЧИ ИЗМЕНИТЬ НЕЛЬЗЯ», 2-3 СЕРИИ

15.30 СЕЙЧАС

16.00 Х/Ф «МЕСТО ВСТРЕЧИ ИЗМЕНИТЬ НЕЛЬЗЯ», 4 И 5 СЕРИИ

18.00 МЕСТО ПРОИСШЕСТВИЯ

18.30 СЕЙЧАС

19.00 СПЕЦРЕПОРТАЖ. «ПРАВДА ЖИЗНИ» (16+)

19.30 Т/С «СЛЕД» (16+)

23.30 Х/Ф «31 ИЮНЯ»

04.15 Х/Ф «НЕ БОЛИТ ГОЛОВА У ДЯТЛА»

перец

5.30, 7.00 МУЛЬТФИЛЬМЫ

6.30 «УДАЧНОЕ УТРО»

8.00 «ПОЛЕЗНОЕ УТРО»

8.40, 11.10 «АНЕКДОТЫ» (16+)

9.00 «ОБМЕН БЫТОВОЙ ТЕХНИКИ»

9.30 Х/Ф «ЧЕЛОВЕК В ЗЕЛЕНОМ КИМОНО» (16+)

12.00 «6 КАДРОВ» (16+)

13.00 Т/С «ОПЕРА. ХРОНИКИ УБОЙНОГО ОТДЕЛА» (16+)

15.00 УЛЕТНОЕ ВИДЕО

16.00 ДОРОЖНЫЕ ВОЙНЫ

16.30 «ВНЕ ЗАКОНА» (16+)

18.00 «ИХ РАЗЫСКИВАЕТ ПОЛИЦИЯ» (16+)

18.30, 00.00 «АНЕКДОТЫ» (16+)

19.30 УЛЕТНОЕ ВИДЕО

20.30 ДОРОЖНЫЕ ВОЙНЫ

22.00 УЛЕТНОЕ ВИДЕО

22.30 «ПЕРЕДТОЧКА KARU» (16+)

23.00 «100500» (18+)

23.30 СМЕШНО ДО БОЛИ

00.30 «СТЫДНО, КОГДА ВИДНО!» (18+)

01.00 «УДАЧНАЯ НОЧЬ»

01.30 СЧАСТЛИВЫЙ КОНЕЦ

02.00 Х/Ф «КРЫСИНЫЙ УГОЛ» (16+)

ЗВЕЗДА

6.00 Д/С «ТАЙНЫ ВОЙНЫ»

7.10 Х/Ф «ЭТО БЫЛО В РАЗВЕДКЕ»

9.00 НОВОСТИ ДНЯ

9.15 «НЕВИДИМЫЙ ФРОНТ»

9.30 Д/С «ЗАФРОНТОВЫЕ РАЗВЕДЧИКИ»

10.20 Т/С «ОПЕРАТИВНЫЙ ПСЕВДОНИМ» (16+)

13.00 НОВОСТИ ДНЯ

13.15 Д/С «ТАЙНЫ РАЗВЕДКИ»

14.20 Х/Ф «РАЗОРВАННЫЙ КРУГ»

16.00 НОВОСТИ ДНЯ

16.25 Х/Ф «ЗАБУДЬТЕ СЛОВО СМЕРТЬ»

18.00 НОВОСТИ ДНЯ

18.30 «НЕЗРИМЫЙ БОЙ» (16+)

19.35 Д/Ф «ДУНЬКИН ПОЛК»

20.25 Х/Ф «ГОРОД ПРИНЯЛ»

22.00 НОВОСТИ ДНЯ

22.30 Х/Ф «КОМАНДИР СЧАСТЛИВОЙ «ЩУКИ»

00.25 Х/Ф «ЧЕЛОВЕК, КОТОРЫЙ ЗАКРЫЛ ГОРОД»

02.00 Х/Ф «ВДАЛИ ОТ РОДИНЫ»

03.40 Х/Ф «ГЕНЕРАЛ» (16+)

ТВ3

6.00 МУЛЬТФИЛЬМЫ

9.00 Т/С «ПЯТАЯ СТРАЖА»

11.00, 18.00 Х-ВЕРСИИ

11.30 ГОРОДСКИЕ ЛЕГЕНДЫ

12.00 Д/Ф «НЕОБЪЯСНИМЫЕ ПОСТРОЙКИ»

13.00 Д/Ф «НОСТРАДАМУС»

15.00 МИСТИЧЕСКИЕ ИСТОРИИ

16.00 Д/С «ГАДАЛКА»

17.00 У МОЕГО РЕБЕНКА ШЕСТОЕ ЧУВСТВО

19.00 ЧЕЛОВЕК-НЕВИДИМКА

20.00 Х/Ф «ПОСЛЕДНИЙ ЛЕГИОН»

22.00 Х/Ф «ТОР: МОЛОТ БОГОВ» (16+)

23.45 ПОКЕРНЫЙ ТУР (18+)

00.45 Х/Ф «ПРИДУРКИ ИЗ ХАЗЗАРДА»

02.45 Х/Ф «ГРЕМЛИНЫ» (16+)

05.00 Д/Ф «НЕОБЪЯСНИМЫЕ ПОСТРОЙКИ»

За информацию, предоставленную телеканалами, редакция ответственности не несет. В телепрограмме возможны изменения.
